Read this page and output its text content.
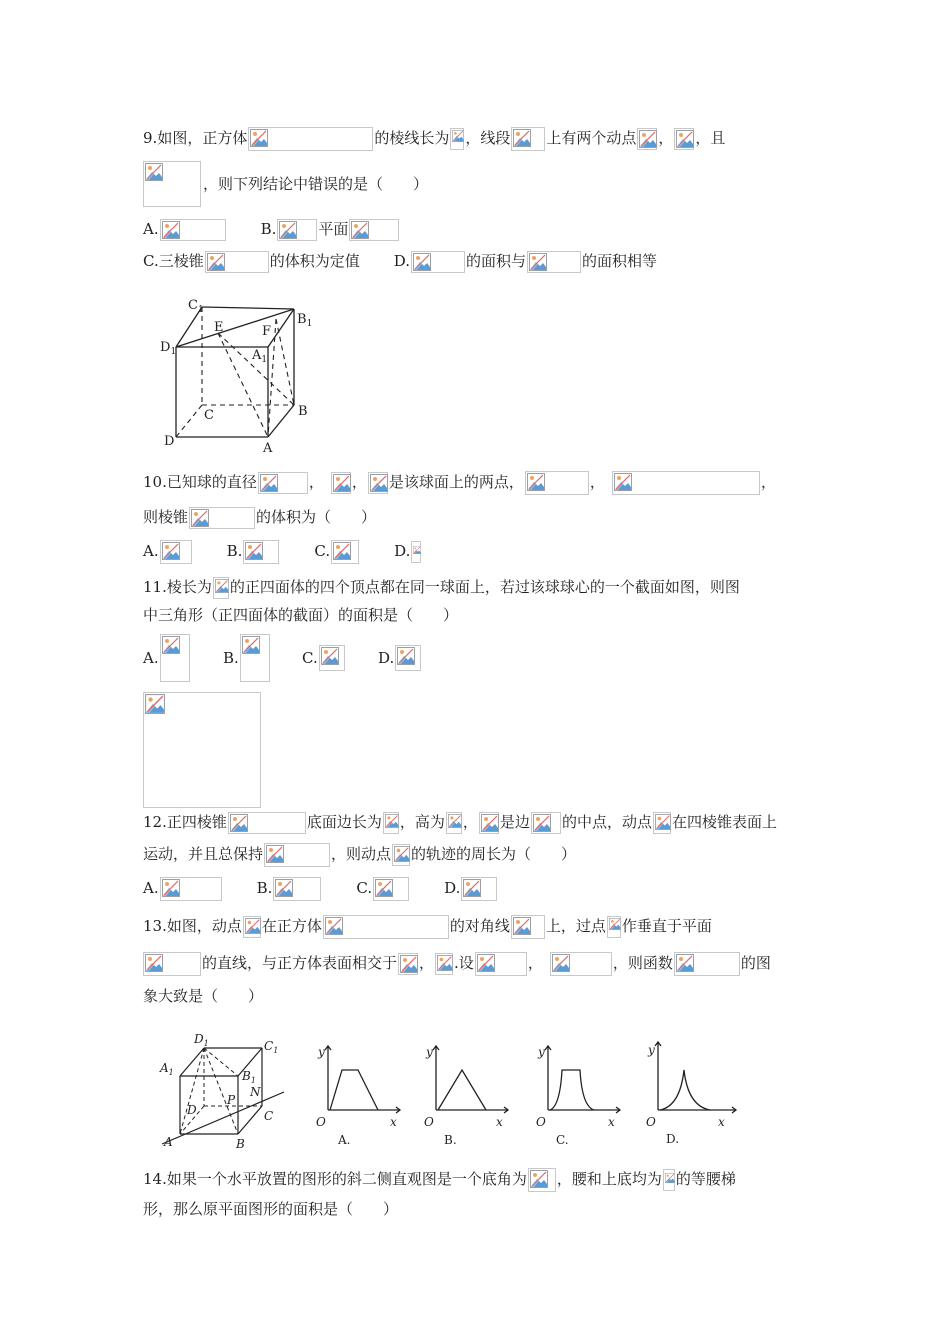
9.如图，正方体	的棱线长为 ，线段 上有两个动点 ， ，且
，则下列结论中错误的是（　　）
A.	B.	平面
C.三棱锥	的体积为定值 D.	的面积与	的面积相等
$C_1$
$B_1$
$D_1$	$A_1$
E	F
C	B
D	A
10.已知球的直径	， ， 是该球面上的两点，	，	，
则棱锥	的体积为（　　）
A.	B.	C.	D.
11.棱长为 的正四面体的四个顶点都在同一球面上，若过该球球心的一个截面如图，则图
中三角形（正四面体的截面）的面积是（　　）
A.	B.	C.	D.
12.正四棱锥	底面边长为 ，高为 ， 是边 的中点，动点 在四棱锥表面上
运动，并且总保持	，则动点 的轨迹的周长为（　　）
A.	B.	C.	D.
13.如图，动点 在正方体	的对角线 上，过点 作垂直于平面
的直线，与正方体表面相交于 ， .设	，	，则函数	的图
象大致是（　　）
$D_1$	$C_1$
$A_1$	$B_1$
N
P
D	C
A	B
y
O	x
A.
y
O	x
B.
y
O	x
C.
y
O	x
D.
14.如果一个水平放置的图形的斜二侧直观图是一个底角为 ，腰和上底均为 的等腰梯
形，那么原平面图形的面积是（　　）
